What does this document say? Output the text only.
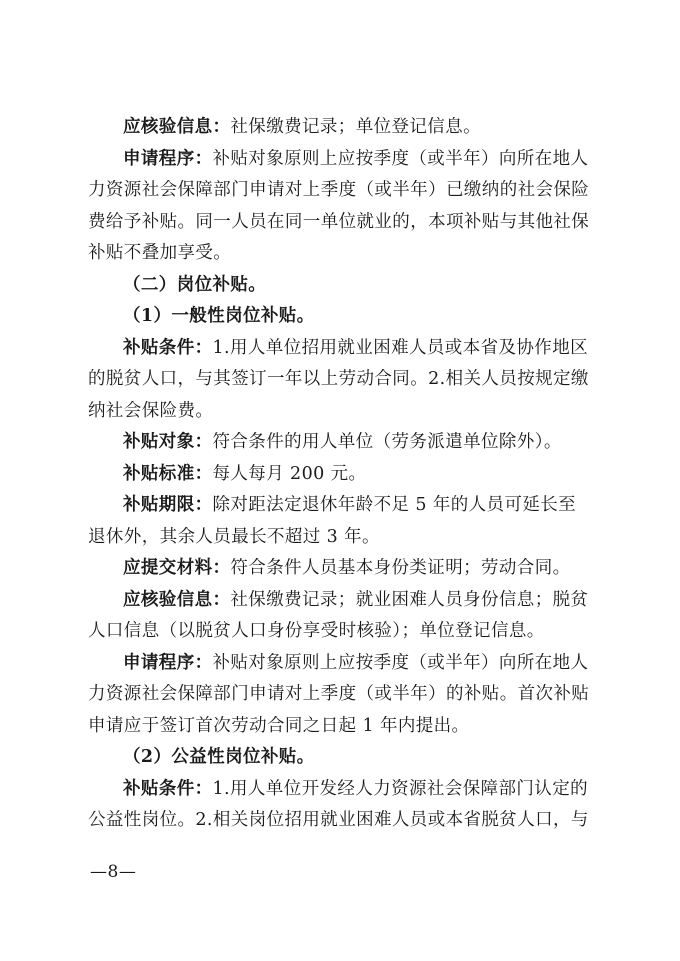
应核验信息：社保缴费记录；单位登记信息。

申请程序：补贴对象原则上应按季度（或半年）向所在地人力资源社会保障部门申请对上季度（或半年）已缴纳的社会保险费给予补贴。同一人员在同一单位就业的，本项补贴与其他社保补贴不叠加享受。

（二）岗位补贴。

（1）一般性岗位补贴。

补贴条件：1.用人单位招用就业困难人员或本省及协作地区的脱贫人口，与其签订一年以上劳动合同。2.相关人员按规定缴纳社会保险费。

补贴对象：符合条件的用人单位（劳务派遣单位除外）。

补贴标准：每人每月 200 元。

补贴期限：除对距法定退休年龄不足 5 年的人员可延长至退休外，其余人员最长不超过 3 年。

应提交材料：符合条件人员基本身份类证明；劳动合同。

应核验信息：社保缴费记录；就业困难人员身份信息；脱贫人口信息（以脱贫人口身份享受时核验）；单位登记信息。

申请程序：补贴对象原则上应按季度（或半年）向所在地人力资源社会保障部门申请对上季度（或半年）的补贴。首次补贴申请应于签订首次劳动合同之日起 1 年内提出。

（2）公益性岗位补贴。

补贴条件：1.用人单位开发经人力资源社会保障部门认定的公益性岗位。2.相关岗位招用就业困难人员或本省脱贫人口，与

—8—
